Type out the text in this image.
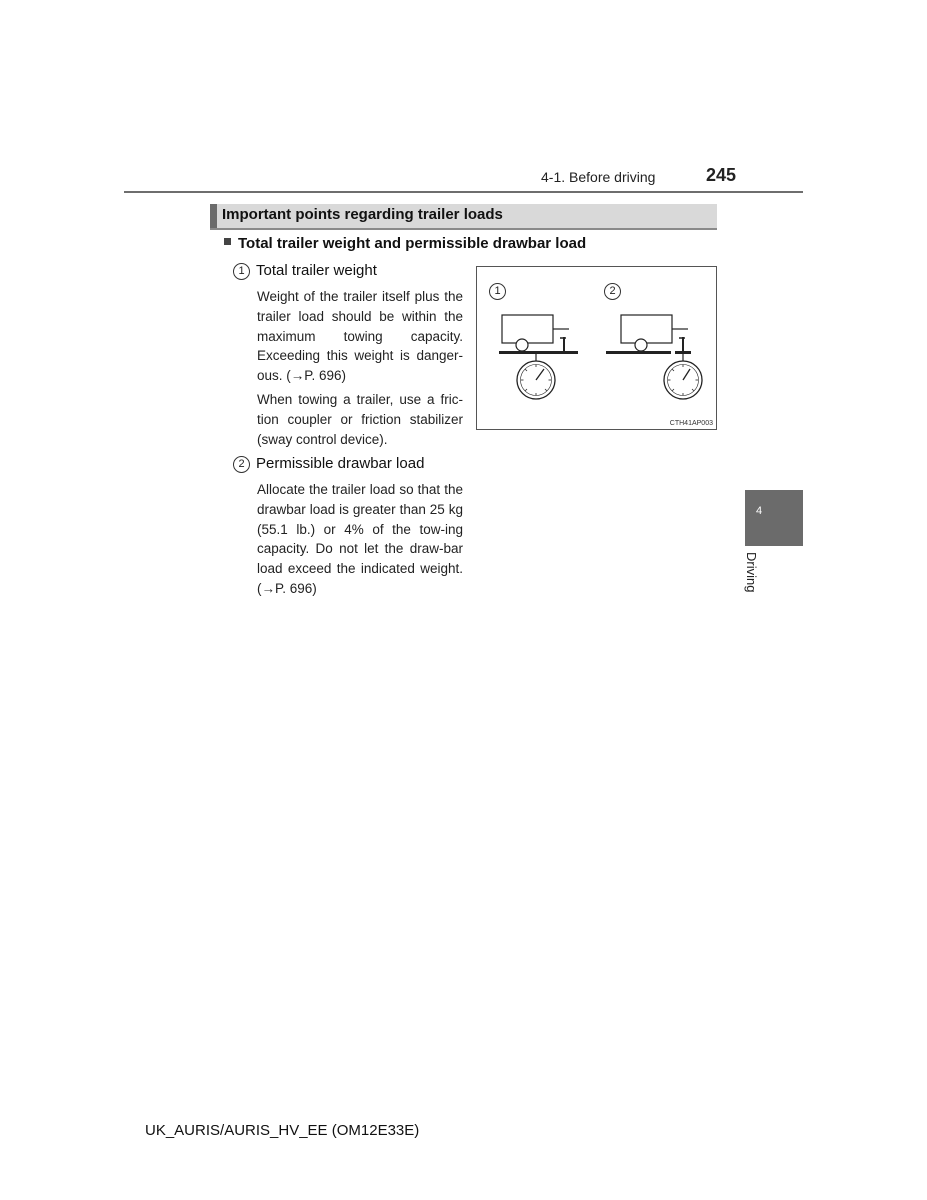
4-1. Before driving	245
Important points regarding trailer loads
Total trailer weight and permissible drawbar load
1 Total trailer weight
Weight of the trailer itself plus the trailer load should be within the maximum towing capacity. Exceeding this weight is danger-ous. (→P. 696)
When towing a trailer, use a fric-tion coupler or friction stabilizer (sway control device).
2 Permissible drawbar load
Allocate the trailer load so that the drawbar load is greater than 25 kg (55.1 lb.) or 4% of the tow-ing capacity. Do not let the draw-bar load exceed the indicated weight. (→P. 696)
1	2
CTH41AP003
4
Driving
UK_AURIS/AURIS_HV_EE (OM12E33E)
